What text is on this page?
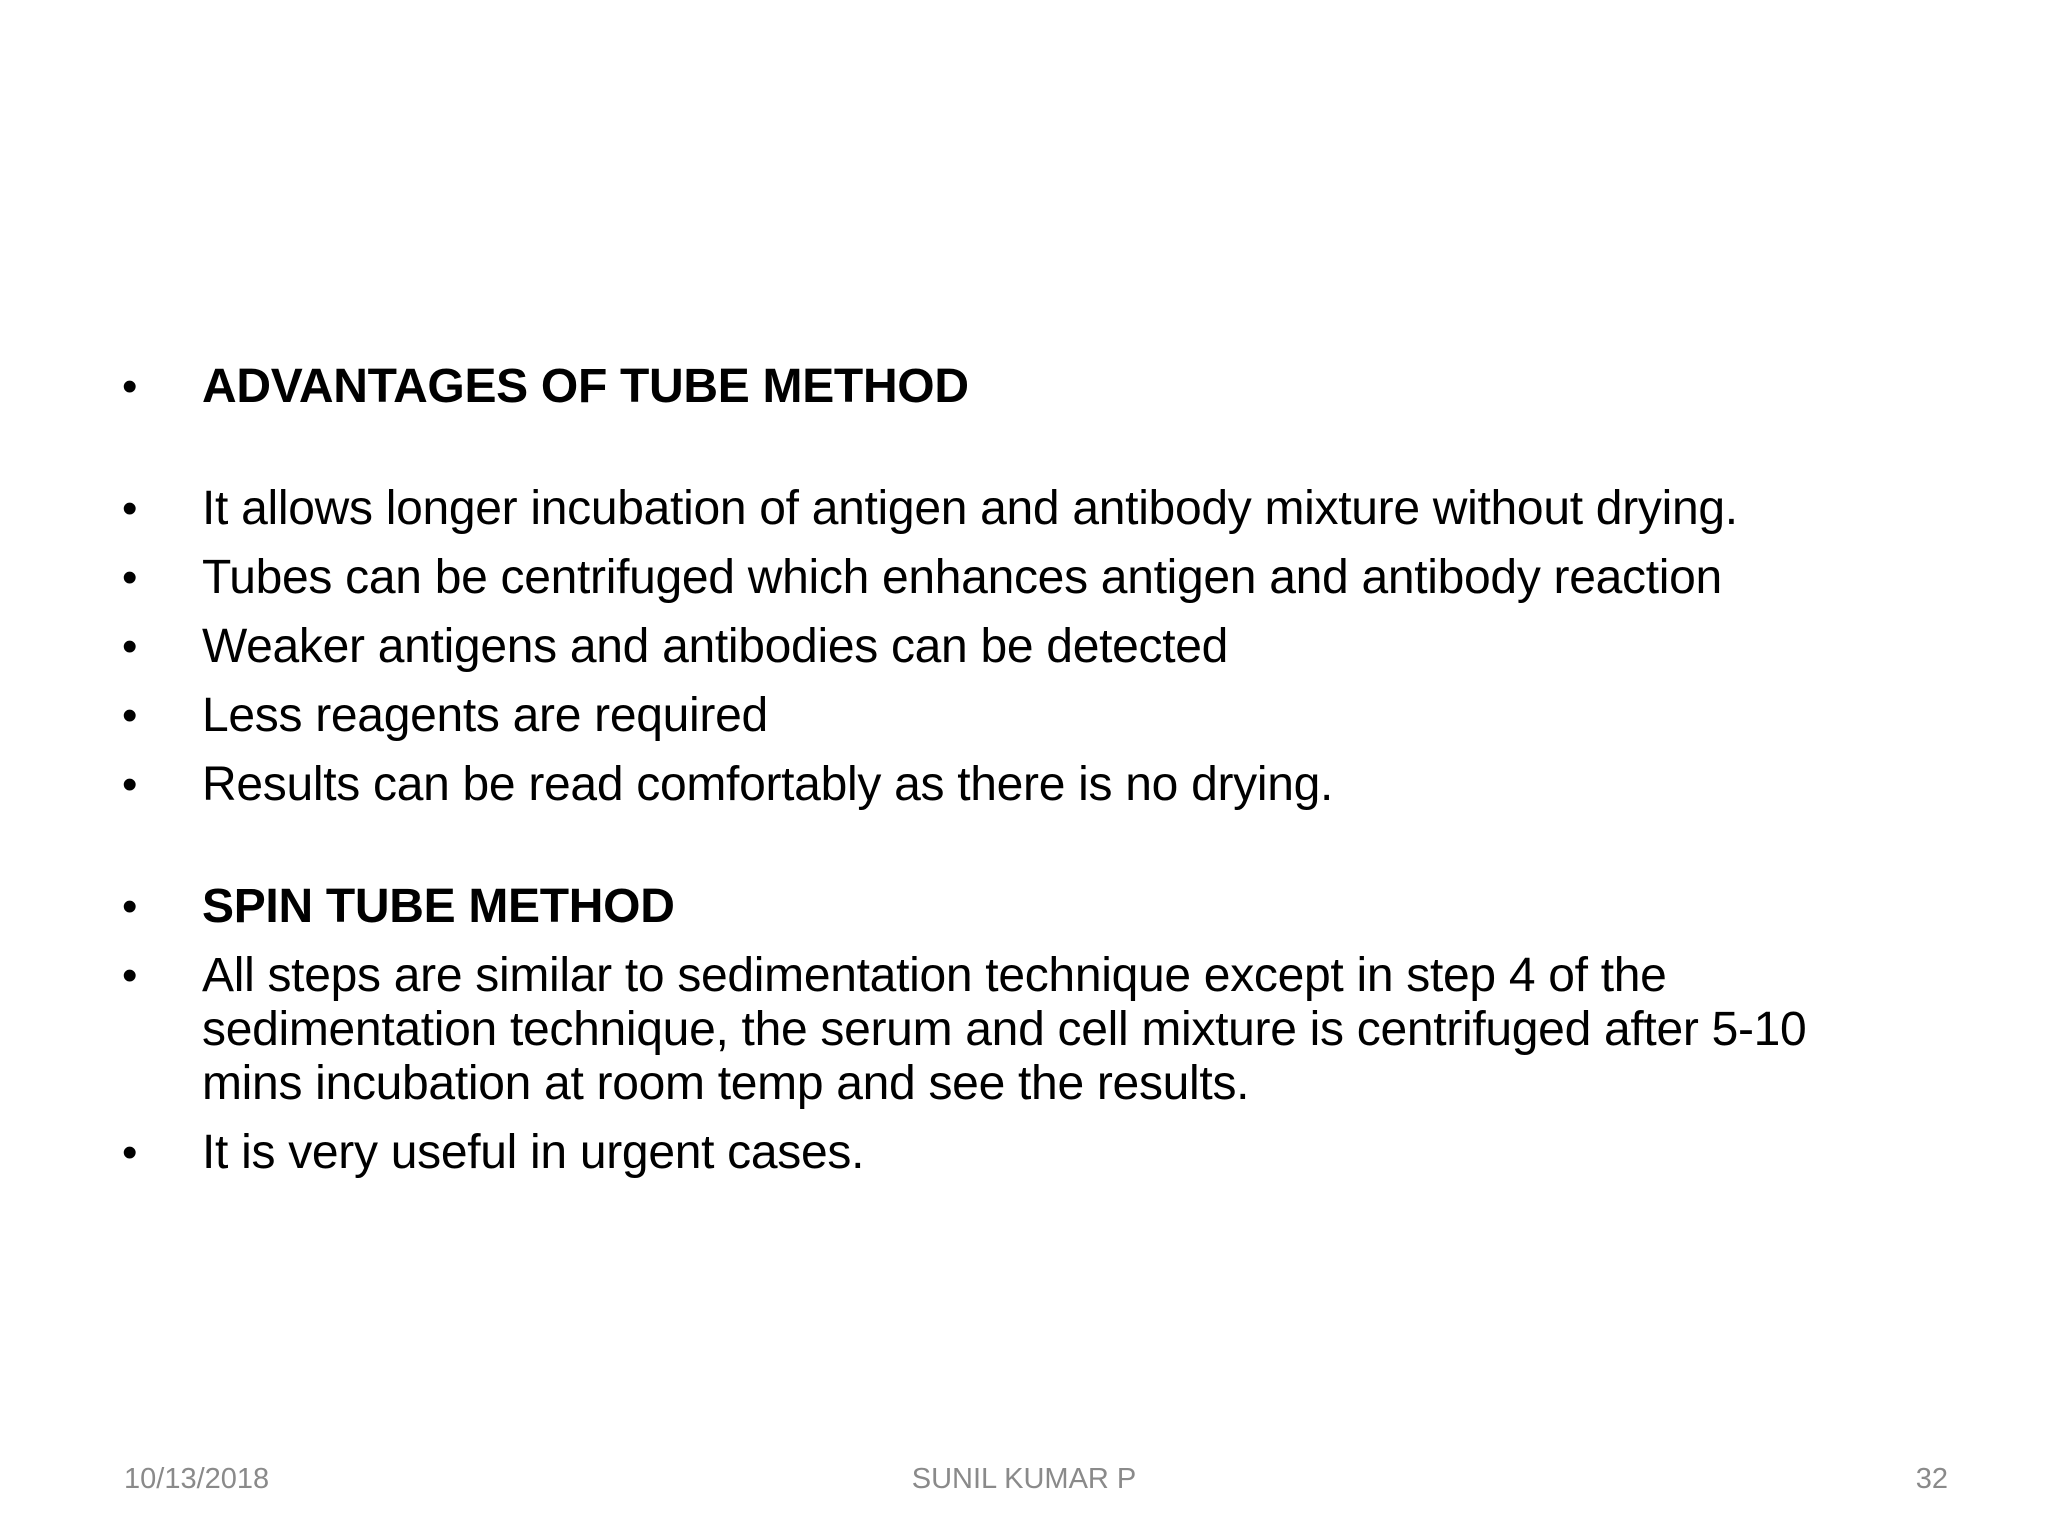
•	ADVANTAGES OF TUBE METHOD
•	It allows longer incubation of antigen and antibody mixture without drying.
•	Tubes can be centrifuged which enhances antigen and antibody reaction
•	Weaker antigens and antibodies can be detected
•	Less reagents are required
•	Results can be read comfortably as there is no drying.
•	SPIN TUBE METHOD
•	All steps are similar to sedimentation technique except in step 4 of the sedimentation technique, the serum and cell mixture is centrifuged after 5-10 mins incubation at room temp and see the results.
•	It is very useful in urgent cases.
SUNIL KUMAR P
10/13/2018	32
